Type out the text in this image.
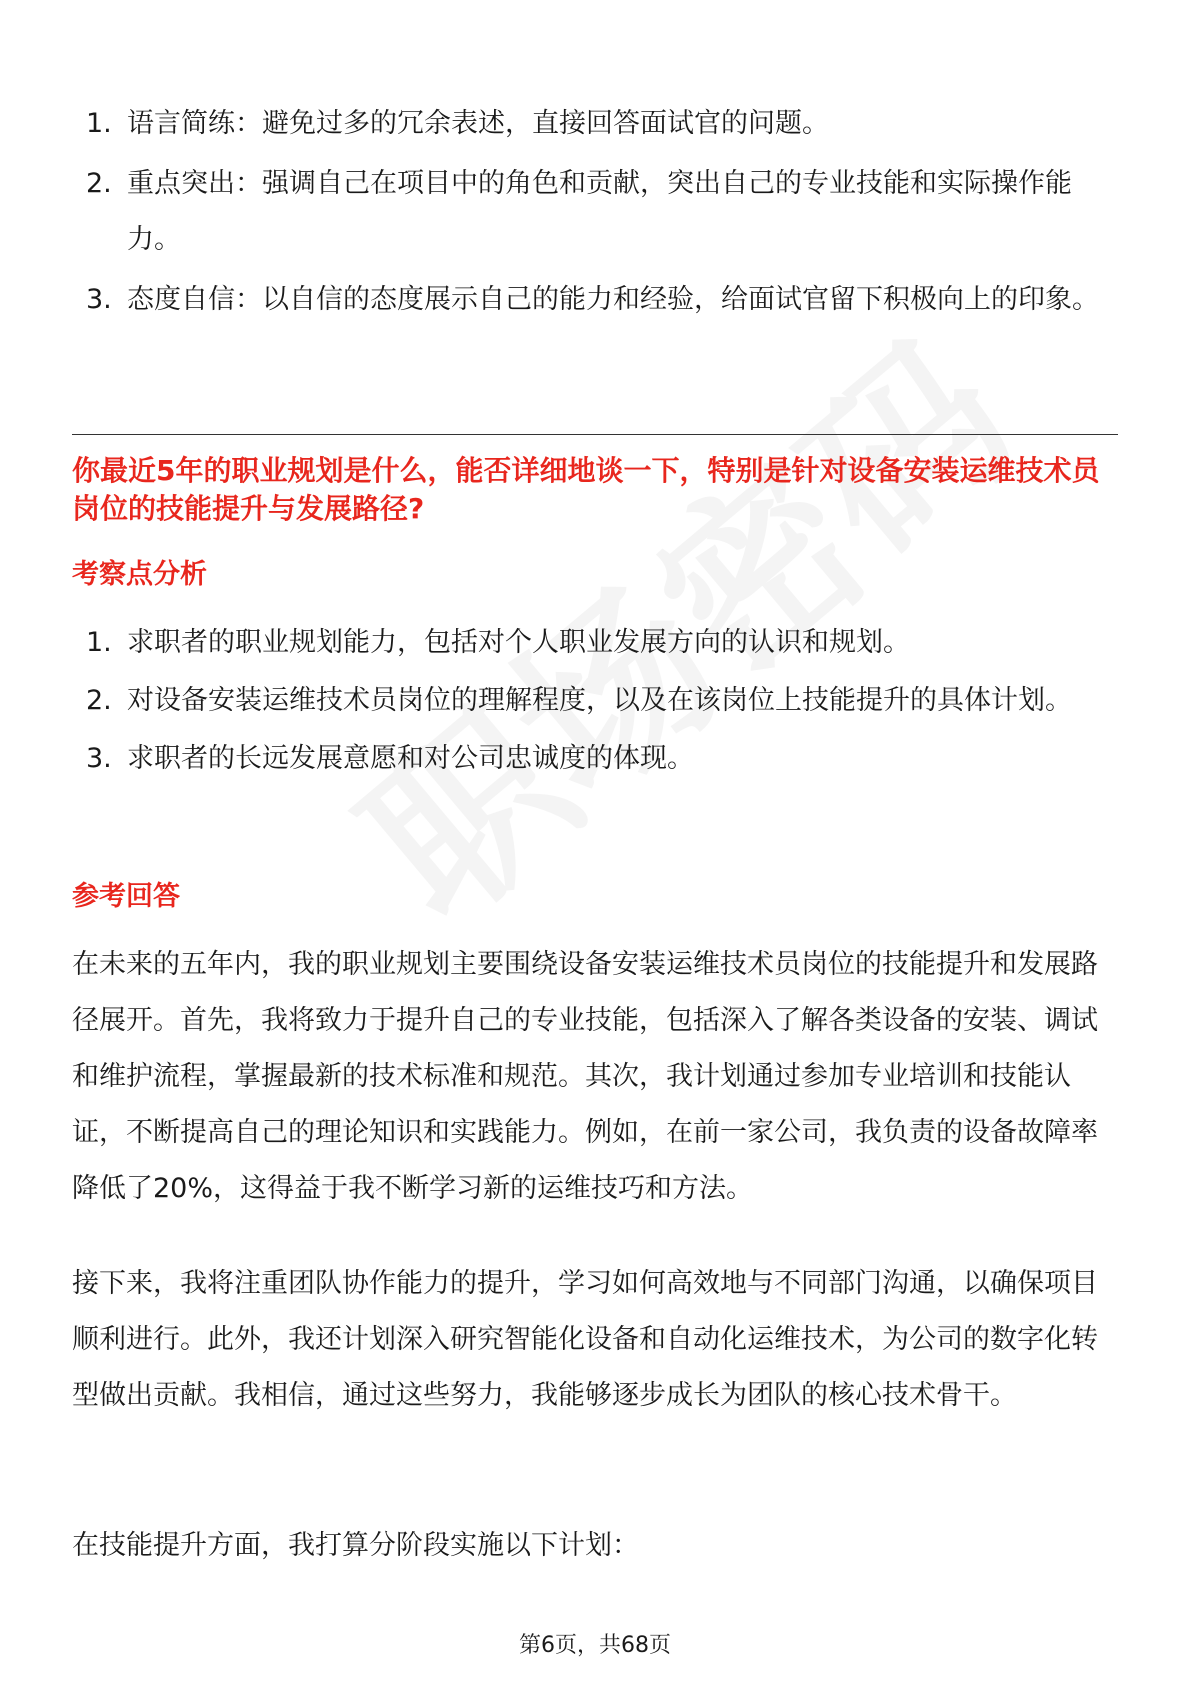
1. 语言简练：避免过多的冗余表述，直接回答面试官的问题。
2. 重点突出：强调自己在项目中的角色和贡献，突出自己的专业技能和实际操作能力。
3. 态度自信：以自信的态度展示自己的能力和经验，给面试官留下积极向上的印象。
你最近5年的职业规划是什么，能否详细地谈一下，特别是针对设备安装运维技术员岗位的技能提升与发展路径?
考察点分析
1. 求职者的职业规划能力，包括对个人职业发展方向的认识和规划。
2. 对设备安装运维技术员岗位的理解程度，以及在该岗位上技能提升的具体计划。
3. 求职者的长远发展意愿和对公司忠诚度的体现。
参考回答

在未来的五年内，我的职业规划主要围绕设备安装运维技术员岗位的技能提升和发展路径展开。首先，我将致力于提升自己的专业技能，包括深入了解各类设备的安装、调试和维护流程，掌握最新的技术标准和规范。其次，我计划通过参加专业培训和技能认证，不断提高自己的理论知识和实践能力。例如，在前一家公司，我负责的设备故障率降低了20%，这得益于我不断学习新的运维技巧和方法。

接下来，我将注重团队协作能力的提升，学习如何高效地与不同部门沟通，以确保项目顺利进行。此外，我还计划深入研究智能化设备和自动化运维技术，为公司的数字化转型做出贡献。我相信，通过这些努力，我能够逐步成长为团队的核心技术骨干。

在技能提升方面，我打算分阶段实施以下计划：

第6页，共68页
